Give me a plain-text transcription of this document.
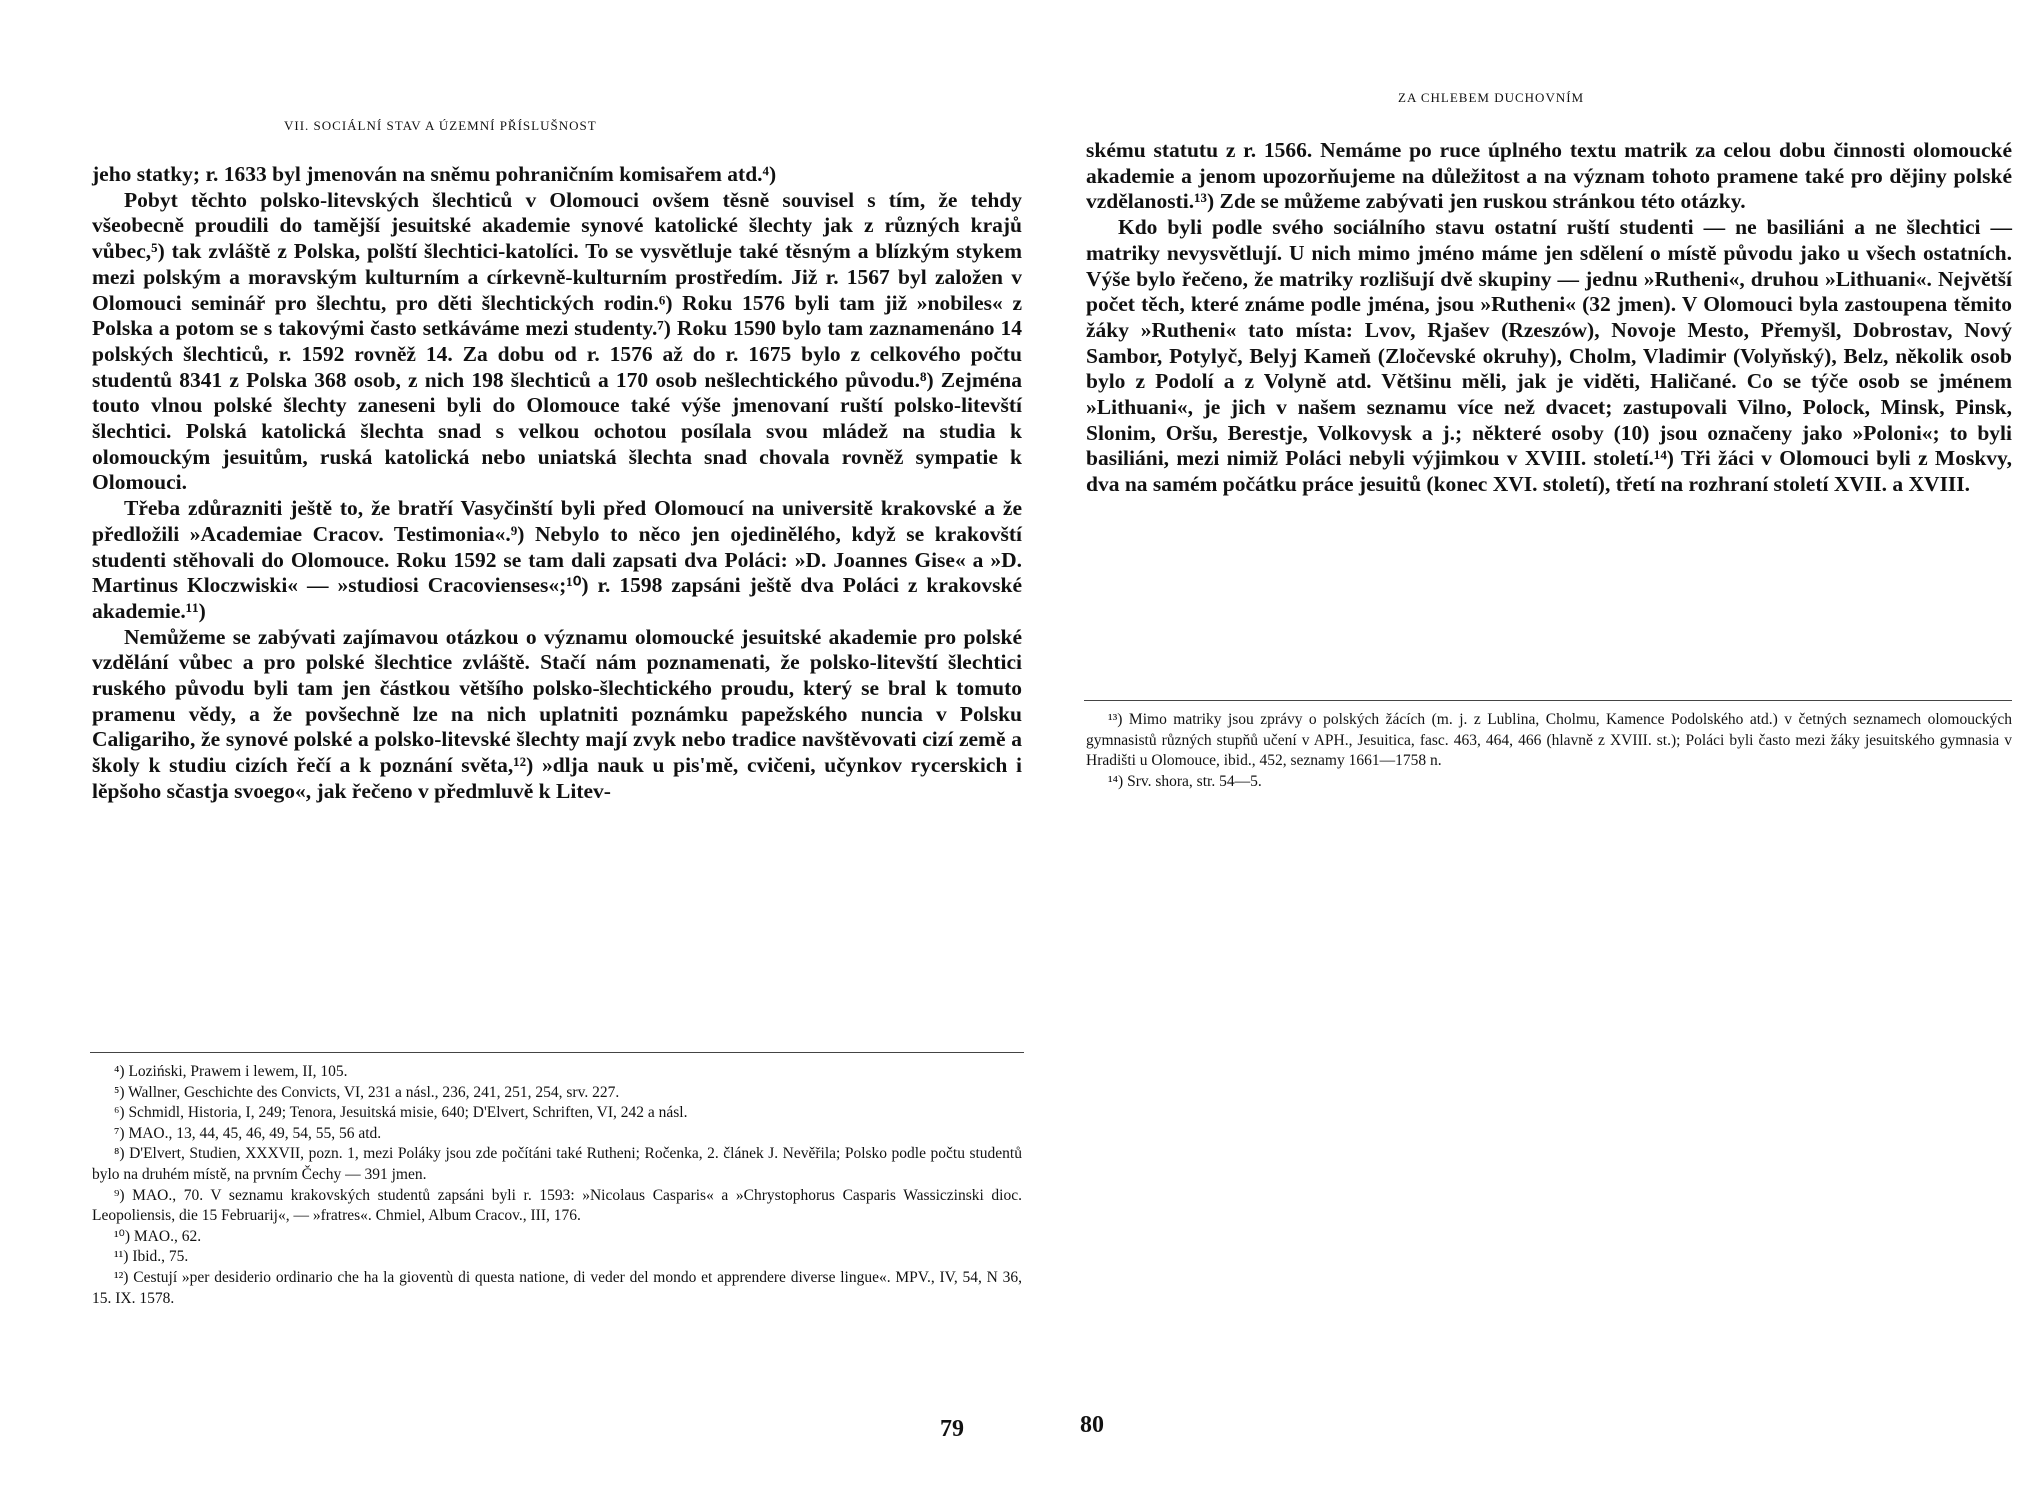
VII. SOCIÁLNÍ STAV A ÚZEMNÍ PŘÍSLUŠNOST

jeho statky; r. 1633 byl jmenován na sněmu pohraničním komisařem atd.⁴)

Pobyt těchto polsko-litevských šlechticů v Olomouci ovšem těsně souvisel s tím, že tehdy všeobecně proudili do tamější jesuitské akademie synové katolické šlechty jak z různých krajů vůbec,⁵) tak zvláště z Polska, polští šlechtici-katolíci. To se vysvětluje také těsným a blízkým stykem mezi polským a moravským kulturním a církevně-kulturním prostředím. Již r. 1567 byl založen v Olomouci seminář pro šlechtu, pro děti šlechtických rodin.⁶) Roku 1576 byli tam již »nobiles« z Polska a potom se s takovými často setkáváme mezi studenty.⁷) Roku 1590 bylo tam zaznamenáno 14 polských šlechticů, r. 1592 rovněž 14. Za dobu od r. 1576 až do r. 1675 bylo z celkového počtu studentů 8341 z Polska 368 osob, z nich 198 šlechticů a 170 osob nešlechtického původu.⁸) Zejména touto vlnou polské šlechty zaneseni byli do Olomouce také výše jmenovaní ruští polsko-litevští šlechtici. Polská katolická šlechta snad s velkou ochotou posílala svou mládež na studia k olomouckým jesuitům, ruská katolická nebo uniatská šlechta snad chovala rovněž sympatie k Olomouci.

Třeba zdůrazniti ještě to, že bratří Vasyčinští byli před Olomoucí na universitě krakovské a že předložili »Academiae Cracov. Testimonia«.⁹) Nebylo to něco jen ojedinělého, když se krakovští studenti stěhovali do Olomouce. Roku 1592 se tam dali zapsati dva Poláci: »D. Joannes Gise« a »D. Martinus Kloczwiski« — »studiosi Cracovienses«;¹⁰) r. 1598 zapsáni ještě dva Poláci z krakovské akademie.¹¹)

Nemůžeme se zabývati zajímavou otázkou o významu olomoucké jesuitské akademie pro polské vzdělání vůbec a pro polské šlechtice zvláště. Stačí nám poznamenati, že polsko-litevští šlechtici ruského původu byli tam jen částkou většího polsko-šlechtického proudu, který se bral k tomuto pramenu vědy, a že povšechně lze na nich uplatniti poznámku papežského nuncia v Polsku Caligariho, že synové polské a polsko-litevské šlechty mají zvyk nebo tradice navštěvovati cizí země a školy k studiu cizích řečí a k poznání světa,¹²) »dlja nauk u pis'mě, cvičeni, učynkov rycerskich i lěpšoho sčastja svoego«, jak řečeno v předmluvě k Litev-

⁴) Loziński, Prawem i lewem, II, 105.

⁵) Wallner, Geschichte des Convicts, VI, 231 a násl., 236, 241, 251, 254, srv. 227.

⁶) Schmidl, Historia, I, 249; Tenora, Jesuitská misie, 640; D'Elvert, Schriften, VI, 242 a násl.

⁷) MAO., 13, 44, 45, 46, 49, 54, 55, 56 atd.

⁸) D'Elvert, Studien, XXXVII, pozn. 1, mezi Poláky jsou zde počítáni také Rutheni; Ročenka, 2. článek J. Nevěřila; Polsko podle počtu studentů bylo na druhém místě, na prvním Čechy — 391 jmen.

⁹) MAO., 70. V seznamu krakovských studentů zapsáni byli r. 1593: »Nicolaus Casparis« a »Chrystophorus Casparis Wassiczinski dioc. Leopoliensis, die 15 Februarij«, — »fratres«. Chmiel, Album Cracov., III, 176.

¹⁰) MAO., 62.

¹¹) Ibid., 75.

¹²) Cestují »per desiderio ordinario che ha la gioventù di questa natione, di veder del mondo et apprendere diverse lingue«. MPV., IV, 54, N 36, 15. IX. 1578.

79
ZA CHLEBEM DUCHOVNÍM

skému statutu z r. 1566. Nemáme po ruce úplného textu matrik za celou dobu činnosti olomoucké akademie a jenom upozorňujeme na důležitost a na význam tohoto pramene také pro dějiny polské vzdělanosti.¹³) Zde se můžeme zabývati jen ruskou stránkou této otázky.

Kdo byli podle svého sociálního stavu ostatní ruští studenti — ne basiliáni a ne šlechtici — matriky nevysvětlují. U nich mimo jméno máme jen sdělení o místě původu jako u všech ostatních. Výše bylo řečeno, že matriky rozlišují dvě skupiny — jednu »Rutheni«, druhou »Lithuani«. Největší počet těch, které známe podle jména, jsou »Rutheni« (32 jmen). V Olomouci byla zastoupena těmito žáky »Rutheni« tato místa: Lvov, Rjašev (Rzeszów), Novoje Mesto, Přemyšl, Dobrostav, Nový Sambor, Potylyč, Belyj Kameň (Zločevské okruhy), Cholm, Vladimir (Volyňský), Belz, několik osob bylo z Podolí a z Volyně atd. Většinu měli, jak je viděti, Haličané. Co se týče osob se jménem »Lithuani«, je jich v našem seznamu více než dvacet; zastupovali Vilno, Polock, Minsk, Pinsk, Slonim, Oršu, Berestje, Volkovysk a j.; některé osoby (10) jsou označeny jako »Poloni«; to byli basiliáni, mezi nimiž Poláci nebyli výjimkou v XVIII. století.¹⁴) Tři žáci v Olomouci byli z Moskvy, dva na samém počátku práce jesuitů (konec XVI. století), třetí na rozhraní století XVII. a XVIII.

¹³) Mimo matriky jsou zprávy o polských žácích (m. j. z Lublina, Cholmu, Kamence Podolského atd.) v četných seznamech olomouckých gymnasistů různých stupňů učení v APH., Jesuitica, fasc. 463, 464, 466 (hlavně z XVIII. st.); Poláci byli často mezi žáky jesuitského gymnasia v Hradišti u Olomouce, ibid., 452, seznamy 1661—1758 n.

¹⁴) Srv. shora, str. 54—5.

80
